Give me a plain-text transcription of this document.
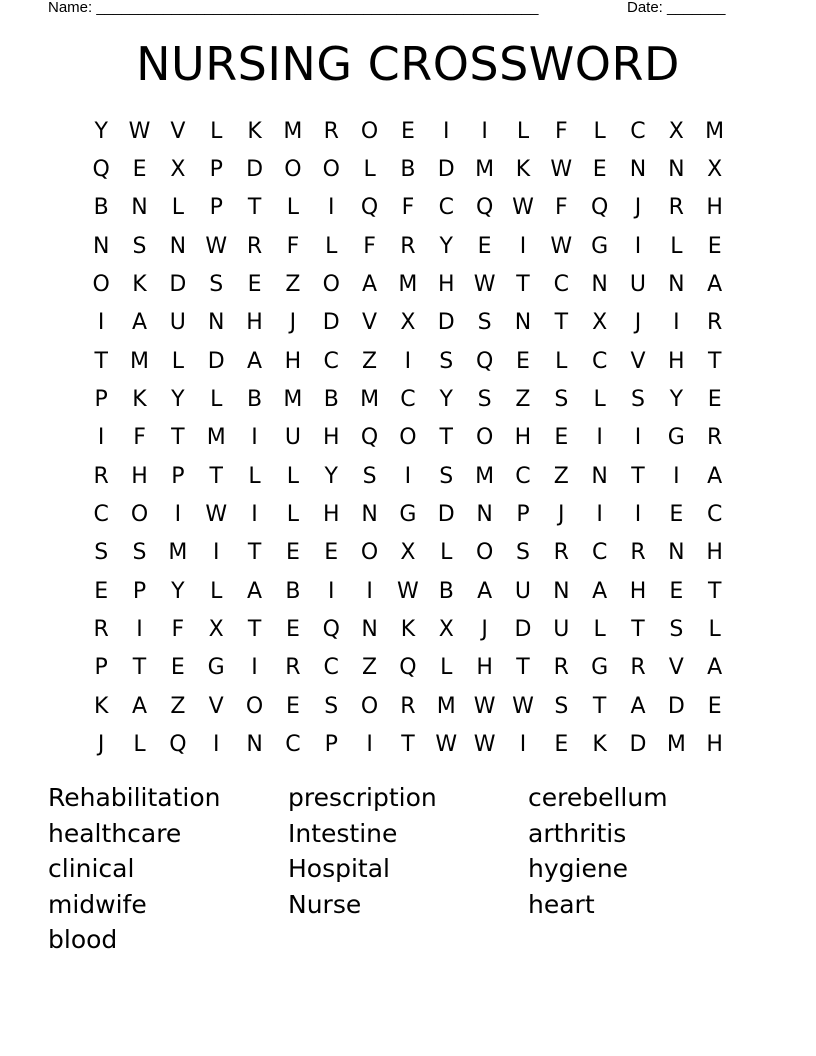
Name: _____________________________________________________	Date: _______
NURSING CROSSWORD
Y W V	L	K M R	O	E	I	I	L	F	L	C	X M
Q	E	X	P	D O O	L	B	D M K W E	N N	X
B	N	L	P	T	L	I	Q	F	C Q W F	Q	J	R	H
N	S	N W R	F	L	F	R	Y	E	I	W G	I	L	E
O	K	D	S	E	Z	O	A M H W T	C	N	U	N	A
I	A	U	N H	J	D	V	X	D	S	N	T	X	J	I	R
T	M	L	D	A	H	C	Z	I	S	Q	E	L	C	V	H	T
P	K	Y	L	B M B M C	Y	S	Z	S	L	S	Y	E
I	F	T	M	I	U	H Q O	T	O H	E	I	I	G	R
R	H	P	T	L	L	Y	S	I	S M C	Z	N	T	I	A
C O	I	W	I	L	H N G D N	P	J	I	I	E	C
S	S M	I	T	E	E	O	X	L	O	S	R	C	R	N H
E	P	Y	L	A	B	I	I	W B	A	U	N	A	H	E	T
R	I	F	X	T	E	Q N	K	X	J	D U	L	T	S	L
P	T	E	G	I	R	C	Z	Q	L	H	T	R	G	R	V	A
K	A	Z	V	O	E	S	O	R M W W S	T	A	D	E
J	L	Q	I	N	C	P	I	T W W	I	E	K	D M H
Rehabilitation	prescription	cerebellum
healthcare	Intestine	arthritis
clinical	Hospital	hygiene
midwife	Nurse	heart
blood
